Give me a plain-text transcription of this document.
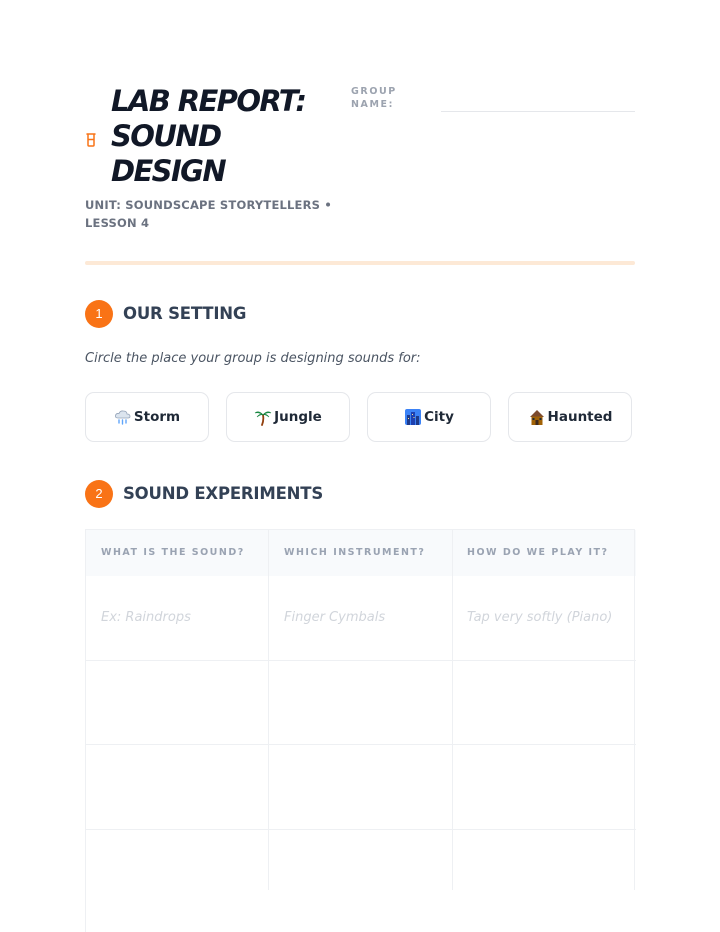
LAB REPORT:
SOUND
DESIGN
UNIT: SOUNDSCAPE STORYTELLERS •
LESSON 4
GROUP
NAME:
1	OUR SETTING
Circle the place your group is designing sounds for:
Storm	Jungle	City	Haunted
2	SOUND EXPERIMENTS
WHAT IS THE SOUND?	WHICH INSTRUMENT?	HOW DO WE PLAY IT?
Ex: Raindrops	Finger Cymbals	Tap very softly (Piano)
